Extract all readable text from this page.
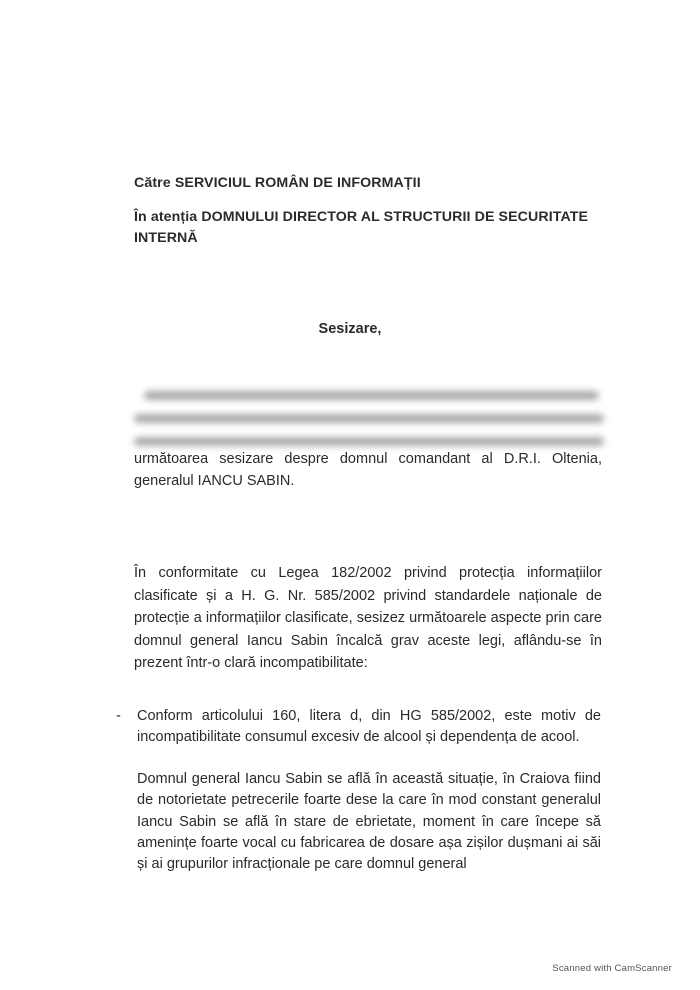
Către SERVICIUL ROMÂN DE INFORMAȚII
În atenția DOMNULUI DIRECTOR AL STRUCTURII DE SECURITATE INTERNĂ
Sesizare,
următoarea sesizare despre domnul comandant al D.R.I. Oltenia, generalul IANCU SABIN.
În conformitate cu Legea 182/2002 privind protecția informațiilor clasificate și a H. G. Nr. 585/2002 privind standardele naționale de protecție a informațiilor clasificate, sesizez următoarele aspecte prin care domnul general Iancu Sabin încalcă grav aceste legi, aflându-se în prezent într-o clară incompatibilitate:
- Conform articolului 160, litera d, din HG 585/2002, este motiv de incompatibilitate consumul excesiv de alcool și dependența de acool.
Domnul general Iancu Sabin se află în această situație, în Craiova fiind de notorietate petrecerile foarte dese la care în mod constant generalul Iancu Sabin se află în stare de ebrietate, moment în care începe să amenințe foarte vocal cu fabricarea de dosare așa zișilor dușmani ai săi și ai grupurilor infracționale pe care domnul general
Scanned with CamScanner
